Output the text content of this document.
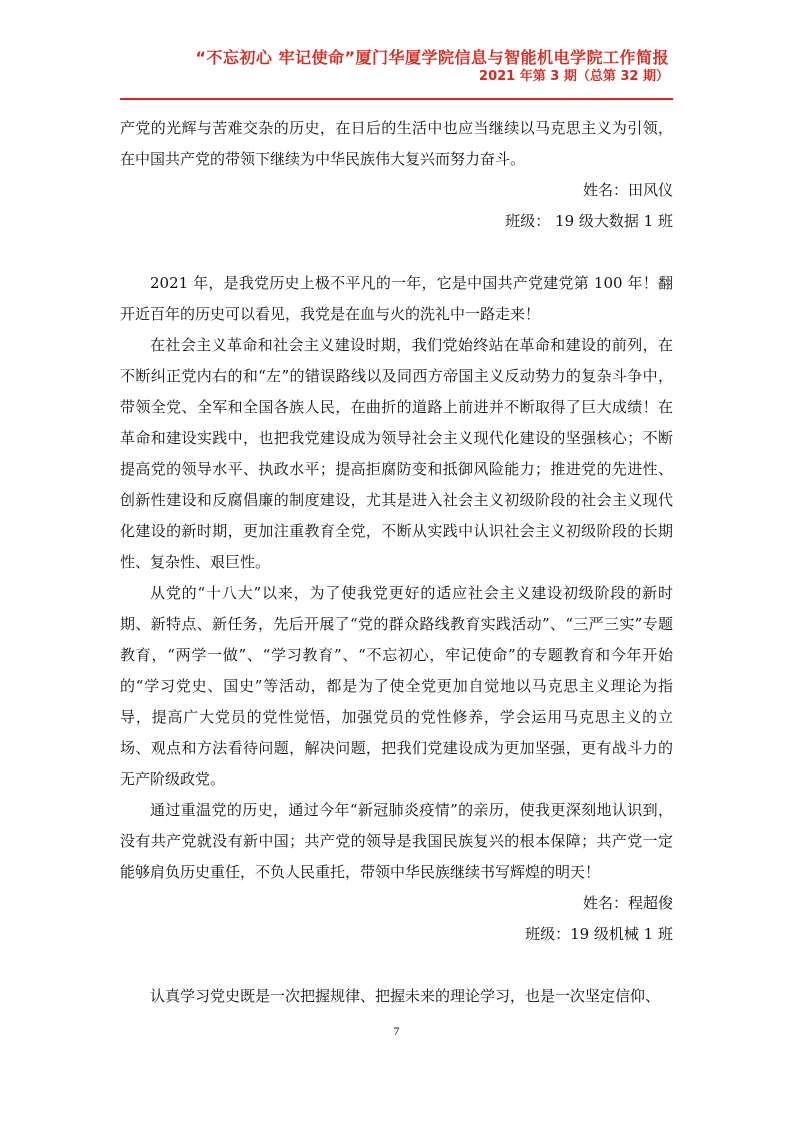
“不忘初心 牢记使命”厦门华厦学院信息与智能机电学院工作简报
2021 年第 3 期（总第 32 期）

产党的光辉与苦难交杂的历史，在日后的生活中也应当继续以马克思主义为引领，在中国共产党的带领下继续为中华民族伟大复兴而努力奋斗。

姓名：田风仪

班级： 19 级大数据 1 班

2021 年，是我党历史上极不平凡的一年，它是中国共产党建党第 100 年！翻开近百年的历史可以看见，我党是在血与火的洗礼中一路走来！

在社会主义革命和社会主义建设时期，我们党始终站在革命和建设的前列，在不断纠正党内右的和“左”的错误路线以及同西方帝国主义反动势力的复杂斗争中，带领全党、全军和全国各族人民，在曲折的道路上前进并不断取得了巨大成绩！在革命和建设实践中，也把我党建设成为领导社会主义现代化建设的坚强核心；不断提高党的领导水平、执政水平；提高拒腐防变和抵御风险能力；推进党的先进性、创新性建设和反腐倡廉的制度建设，尤其是进入社会主义初级阶段的社会主义现代化建设的新时期，更加注重教育全党，不断从实践中认识社会主义初级阶段的长期性、复杂性、艰巨性。

从党的“十八大”以来，为了使我党更好的适应社会主义建设初级阶段的新时期、新特点、新任务，先后开展了“党的群众路线教育实践活动”、“三严三实”专题教育，“两学一做”、“学习教育”、“不忘初心，牢记使命”的专题教育和今年开始的“学习党史、国史”等活动，都是为了使全党更加自觉地以马克思主义理论为指导，提高广大党员的党性觉悟，加强党员的党性修养，学会运用马克思主义的立场、观点和方法看待问题，解决问题，把我们党建设成为更加坚强，更有战斗力的无产阶级政党。

通过重温党的历史，通过今年“新冠肺炎疫情”的亲历，使我更深刻地认识到，没有共产党就没有新中国；共产党的领导是我国民族复兴的根本保障；共产党一定能够肩负历史重任，不负人民重托，带领中华民族继续书写辉煌的明天！

姓名：程超俊

班级：19 级机械 1 班

认真学习党史既是一次把握规律、把握未来的理论学习，也是一次坚定信仰、

7
